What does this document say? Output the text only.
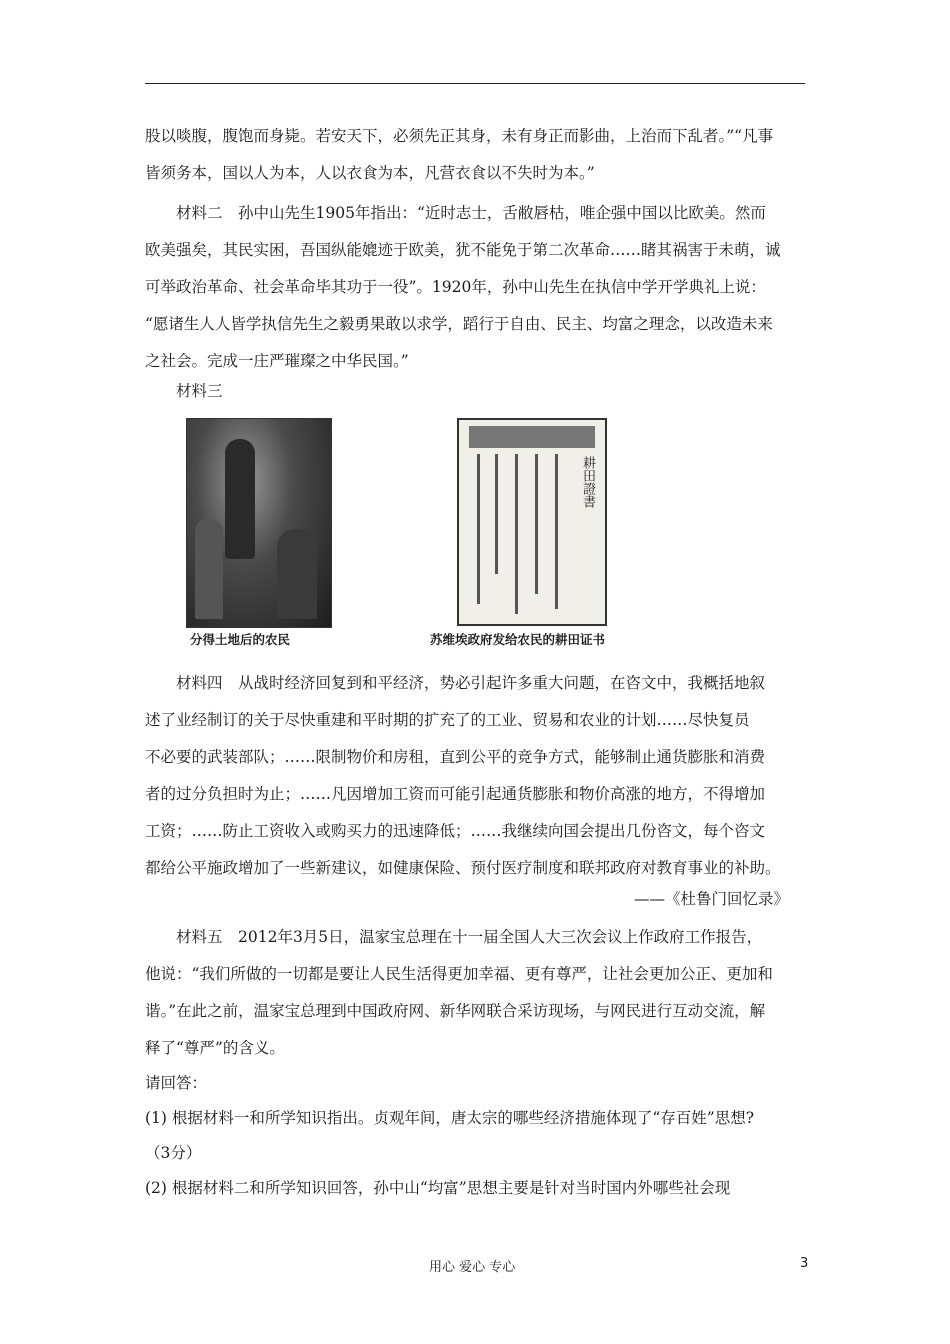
股以啖腹，腹饱而身毙。若安天下，必须先正其身，未有身正而影曲，上治而下乱者。”“凡事
皆须务本，国以人为本，人以衣食为本，凡营衣食以不失时为本。”
材料二　孙中山先生1905年指出：“近时志士，舌敝唇枯，唯企强中国以比欧美。然而
欧美强矣，其民实困，吾国纵能媲迹于欧美，犹不能免于第二次革命……睹其祸害于未萌，诚
可举政治革命、社会革命毕其功于一役”。1920年，孙中山先生在执信中学开学典礼上说：
“愿诸生人人皆学执信先生之毅勇果敢以求学，蹈行于自由、民主、均富之理念，以改造未来
之社会。完成一庄严璀璨之中华民国。”
材料三
分得土地后的农民
耕田證書
苏维埃政府发给农民的耕田证书
材料四　从战时经济回复到和平经济，势必引起许多重大问题，在咨文中，我概括地叙
述了业经制订的关于尽快重建和平时期的扩充了的工业、贸易和农业的计划……尽快复员
不必要的武装部队；……限制物价和房租，直到公平的竞争方式，能够制止通货膨胀和消费
者的过分负担时为止；……凡因增加工资而可能引起通货膨胀和物价高涨的地方，不得增加
工资；……防止工资收入或购买力的迅速降低；……我继续向国会提出几份咨文，每个咨文
都给公平施政增加了一些新建议，如健康保险、预付医疗制度和联邦政府对教育事业的补助。
——《杜鲁门回忆录》
材料五　2012年3月5日，温家宝总理在十一届全国人大三次会议上作政府工作报告，
他说：“我们所做的一切都是要让人民生活得更加幸福、更有尊严，让社会更加公正、更加和
谐。”在此之前，温家宝总理到中国政府网、新华网联合采访现场，与网民进行互动交流，解
释了“尊严”的含义。
请回答：
(1) 根据材料一和所学知识指出。贞观年间，唐太宗的哪些经济措施体现了“存百姓”思想?
（3分）
(2) 根据材料二和所学知识回答，孙中山“均富”思想主要是针对当时国内外哪些社会现
用心 爱心 专心	3
